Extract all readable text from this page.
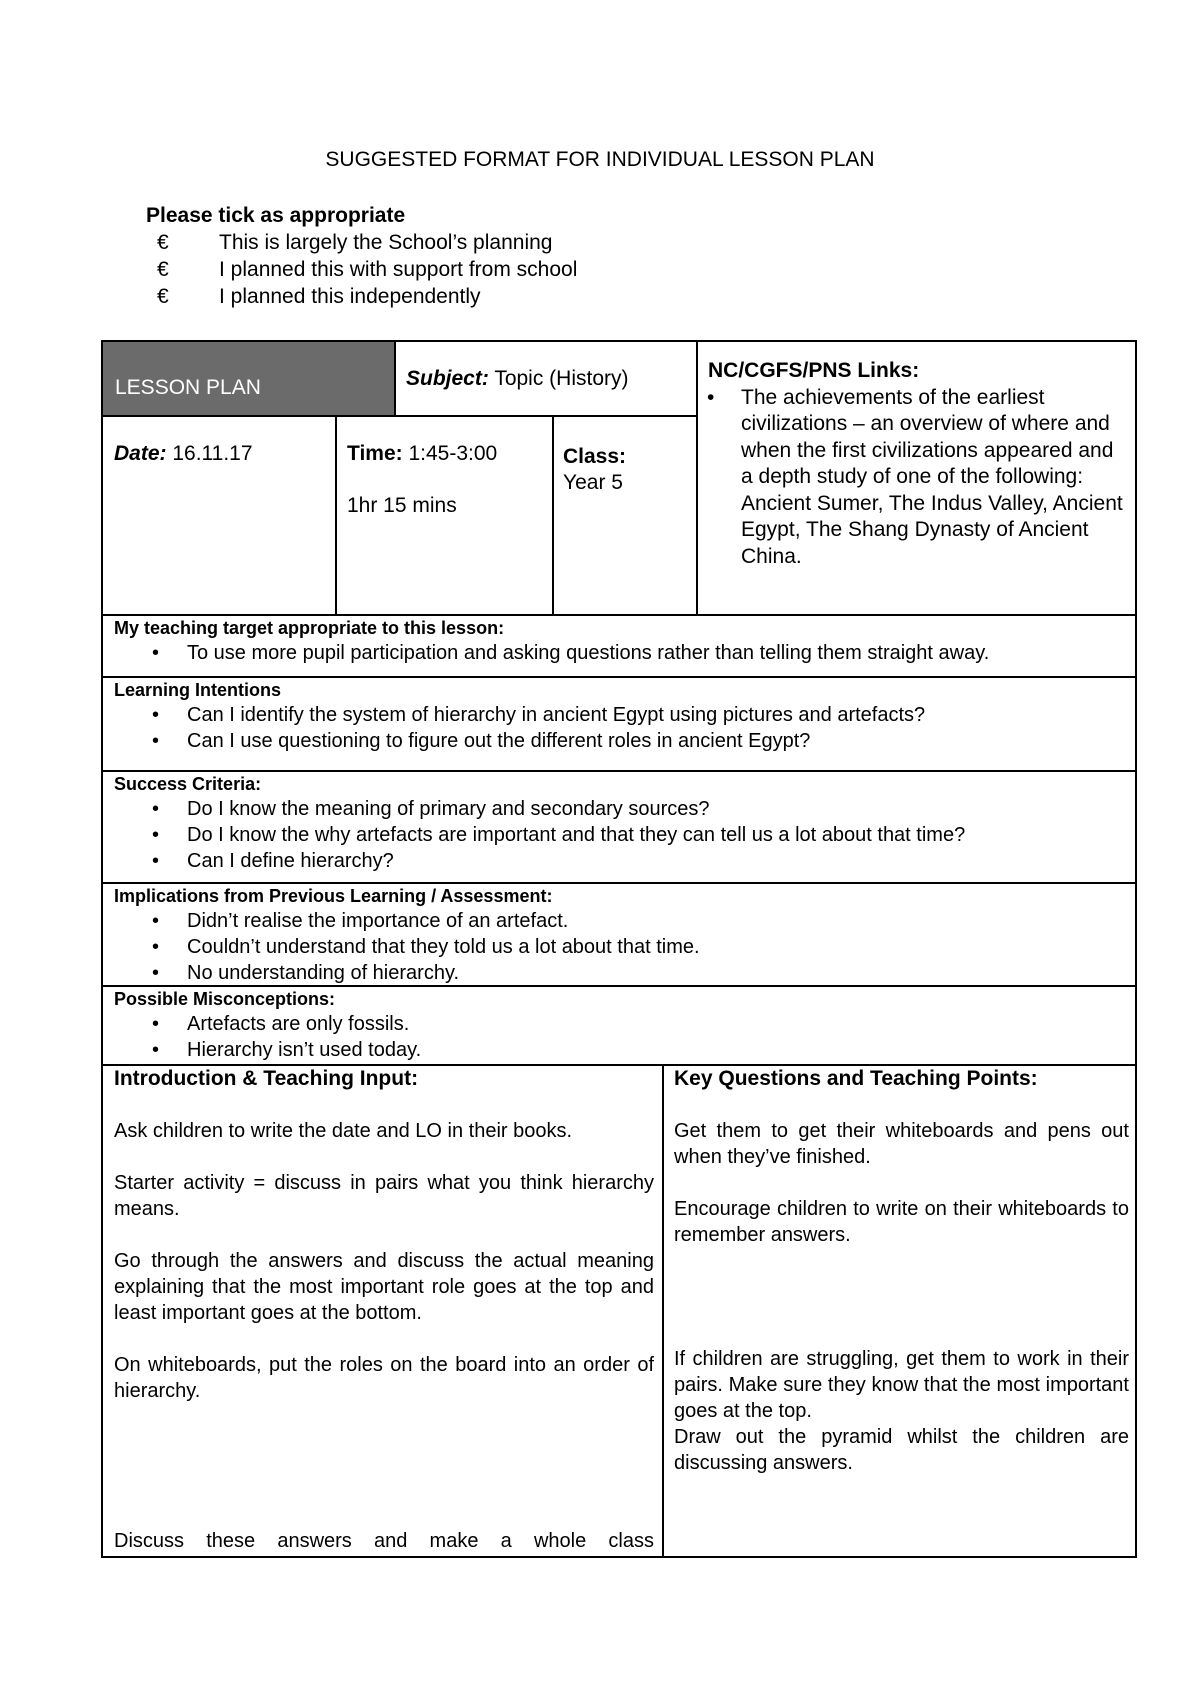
SUGGESTED FORMAT FOR INDIVIDUAL LESSON PLAN
Please tick as appropriate
€ This is largely the School’s planning
€ I planned this with support from school
€ I planned this independently
LESSON PLAN	Subject: Topic (History)
Date: 16.11.17	Time: 1:45-3:00
1hr 15 mins
Class:
Year 5
NC/CGFS/PNS Links:
• The achievements of the earliest civilizations – an overview of where and when the first civilizations appeared and a depth study of one of the following: Ancient Sumer, The Indus Valley, Ancient Egypt, The Shang Dynasty of Ancient China.
My teaching target appropriate to this lesson:
• To use more pupil participation and asking questions rather than telling them straight away.
Learning Intentions
• Can I identify the system of hierarchy in ancient Egypt using pictures and artefacts?
• Can I use questioning to figure out the different roles in ancient Egypt?
Success Criteria:
• Do I know the meaning of primary and secondary sources?
• Do I know the why artefacts are important and that they can tell us a lot about that time?
• Can I define hierarchy?
Implications from Previous Learning / Assessment:
• Didn’t realise the importance of an artefact.
• Couldn’t understand that they told us a lot about that time.
• No understanding of hierarchy.
Possible Misconceptions:
• Artefacts are only fossils.
• Hierarchy isn’t used today.
Introduction & Teaching Input:

Ask children to write the date and LO in their books.

Starter activity = discuss in pairs what you think hierarchy means.

Go through the answers and discuss the actual meaning explaining that the most important role goes at the top and least important goes at the bottom.

On whiteboards, put the roles on the board into an order of hierarchy.

Discuss these answers and make a whole class

Key Questions and Teaching Points:

Get them to get their whiteboards and pens out when they’ve finished.

Encourage children to write on their whiteboards to remember answers.

If children are struggling, get them to work in their pairs. Make sure they know that the most important goes at the top.

Draw out the pyramid whilst the children are discussing answers.
